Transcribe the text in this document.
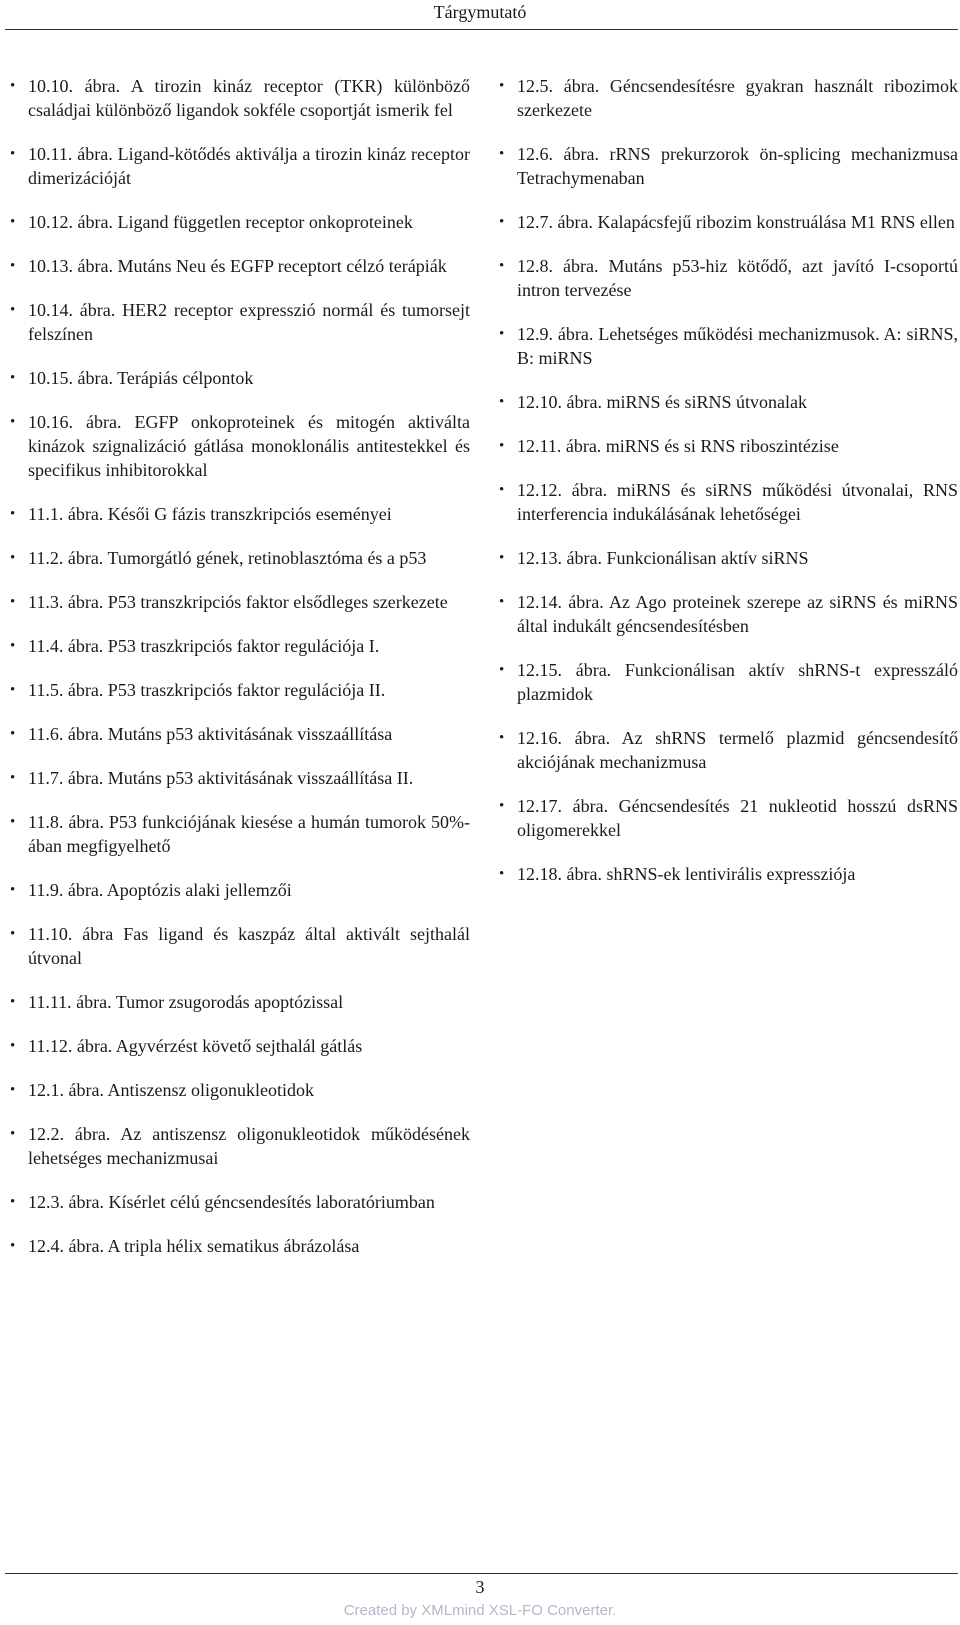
Tárgymutató
• 10.10. ábra. A tirozin kináz receptor (TKR) különböző családjai különböző ligandok sokféle csoportját ismerik fel
• 10.11. ábra. Ligand-kötődés aktiválja a tirozin kináz receptor dimerizációját
• 10.12. ábra. Ligand független receptor onkoproteinek
• 10.13. ábra. Mutáns Neu és EGFP receptort célzó terápiák
• 10.14. ábra. HER2 receptor expresszió normál és tumorsejt felszínen
• 10.15. ábra. Terápiás célpontok
• 10.16. ábra. EGFP onkoproteinek és mitogén aktiválta kinázok szignalizáció gátlása monoklonális antitestekkel és specifikus inhibitorokkal
• 11.1. ábra. Késői G fázis transzkripciós eseményei
• 11.2. ábra. Tumorgátló gének, retinoblasztóma és a p53
• 11.3. ábra. P53 transzkripciós faktor elsődleges szerkezete
• 11.4. ábra. P53 traszkripciós faktor regulációja I.
• 11.5. ábra. P53 traszkripciós faktor regulációja II.
• 11.6. ábra. Mutáns p53 aktivitásának visszaállítása
• 11.7. ábra. Mutáns p53 aktivitásának visszaállítása II.
• 11.8. ábra. P53 funkciójának kiesése a humán tumorok 50%-ában megfigyelhető
• 11.9. ábra. Apoptózis alaki jellemzői
• 11.10. ábra Fas ligand és kaszpáz által aktivált sejthalál útvonal
• 11.11. ábra. Tumor zsugorodás apoptózissal
• 11.12. ábra. Agyvérzést követő sejthalál gátlás
• 12.1. ábra. Antiszensz oligonukleotidok
• 12.2. ábra. Az antiszensz oligonukleotidok működésének lehetséges mechanizmusai
• 12.3. ábra. Kísérlet célú géncsendesítés laboratóriumban
• 12.4. ábra. A tripla hélix sematikus ábrázolása
• 12.5. ábra. Géncsendesítésre gyakran használt ribozimok szerkezete
• 12.6. ábra. rRNS prekurzorok ön-splicing mechanizmusa Tetrachymenaban
• 12.7. ábra. Kalapácsfejű ribozim konstruálása M1 RNS ellen
• 12.8. ábra. Mutáns p53-hiz kötődő, azt javító I-csoportú intron tervezése
• 12.9. ábra. Lehetséges működési mechanizmusok. A: siRNS, B: miRNS
• 12.10. ábra. miRNS és siRNS útvonalak
• 12.11. ábra. miRNS és si RNS riboszintézise
• 12.12. ábra. miRNS és siRNS működési útvonalai, RNS interferencia indukálásának lehetőségei
• 12.13. ábra. Funkcionálisan aktív siRNS
• 12.14. ábra. Az Ago proteinek szerepe az siRNS és miRNS által indukált géncsendesítésben
• 12.15. ábra. Funkcionálisan aktív shRNS-t expresszáló plazmidok
• 12.16. ábra. Az shRNS termelő plazmid géncsendesítő akciójának mechanizmusa
• 12.17. ábra. Géncsendesítés 21 nukleotid hosszú dsRNS oligomerekkel
• 12.18. ábra. shRNS-ek lentivirális expressziója
3
Created by XMLmind XSL-FO Converter.
